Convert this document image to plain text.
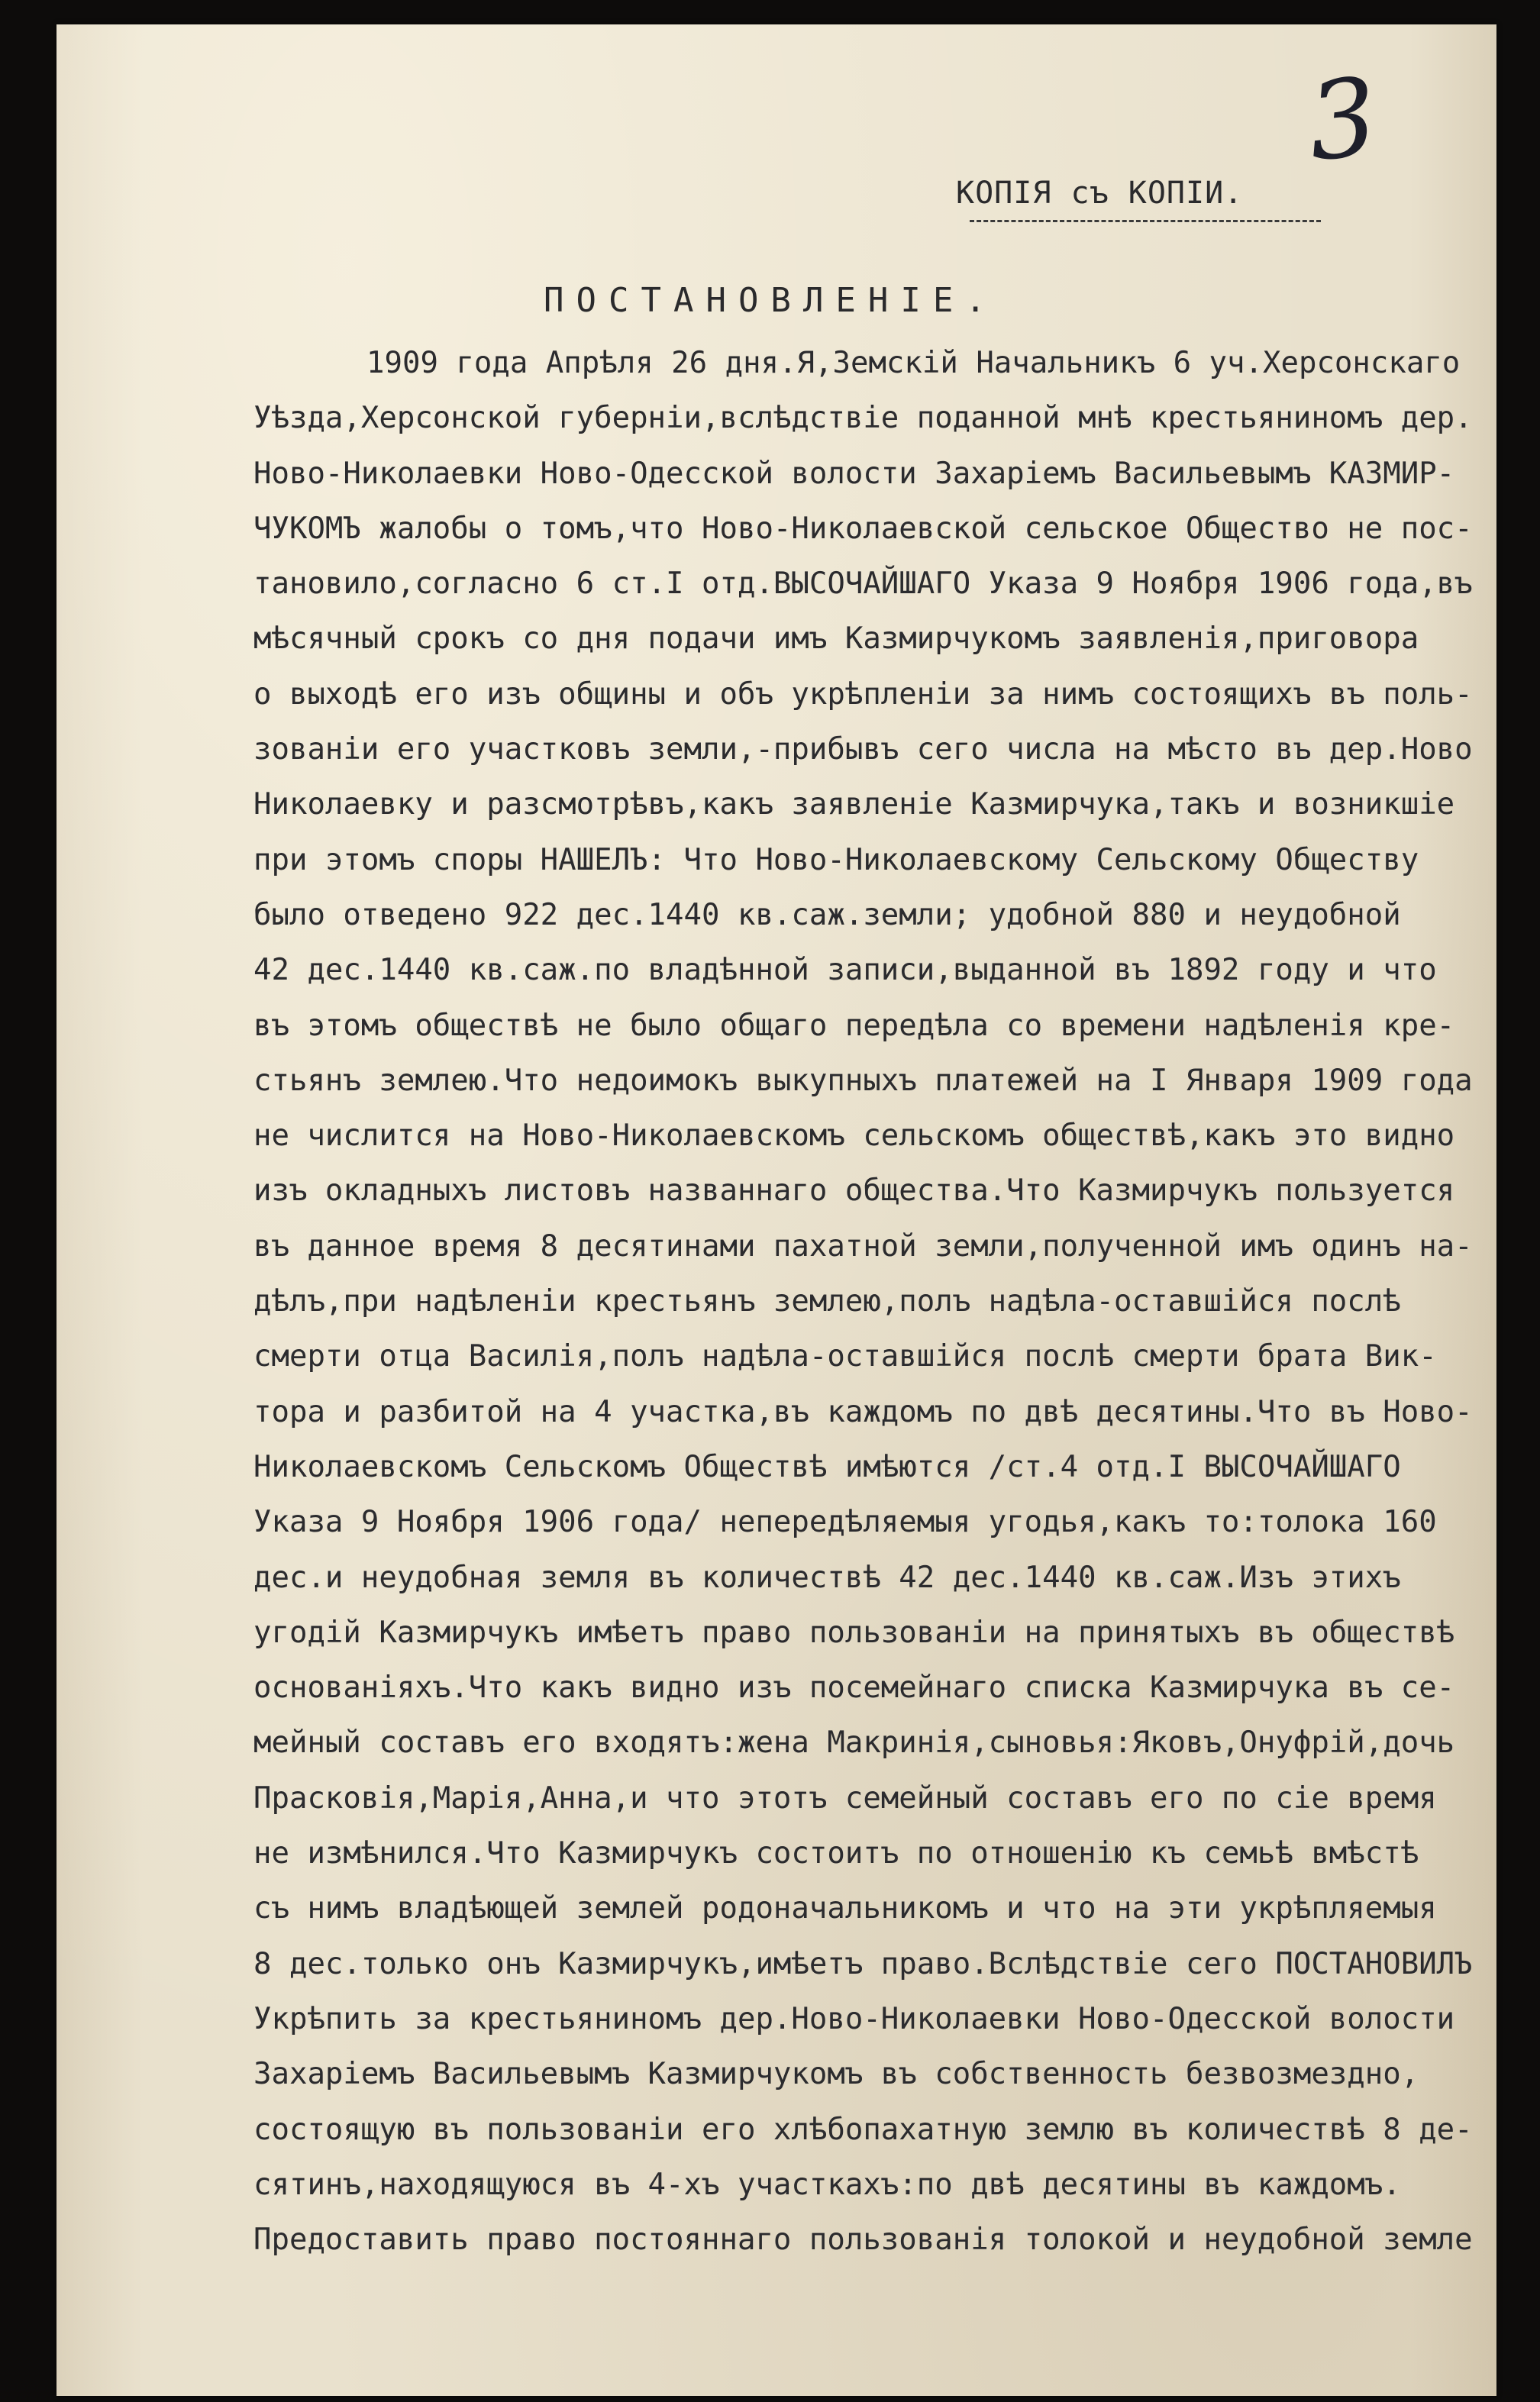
3
КОПIЯ съ КОПIИ.
ПОСТАНОВЛЕНIЕ.
1909 года Апрѣля 26 дня.Я,Земскiй Начальникъ 6 уч.Херсонскаго
Уѣзда,Херсонской губернiи,вслѣдствiе поданной мнѣ крестьяниномъ дер.
Ново-Николаевки Ново-Одесской волости Захарiемъ Васильевымъ КАЗМИР-
ЧУКОМЪ жалобы о томъ,что Ново-Николаевской сельское Общество не пос-
тановило,согласно 6 ст.I отд.ВЫСОЧАЙШАГО Указа 9 Ноября 1906 года,въ
мѣсячный срокъ со дня подачи имъ Казмирчукомъ заявленiя,приговора
о выходѣ его изъ общины и объ укрѣпленiи за нимъ состоящихъ въ поль-
зованiи его участковъ земли,-прибывъ сего числа на мѣсто въ дер.Ново
Николаевку и разсмотрѣвъ,какъ заявленiе Казмирчука,такъ и возникшiе
при этомъ споры НАШЕЛЪ: Что Ново-Николаевскому Сельскому Обществу
было отведено 922 дес.1440 кв.саж.земли; удобной 880 и неудобной
42 дес.1440 кв.саж.по владѣнной записи,выданной въ 1892 году и что
въ этомъ обществѣ не было общаго передѣла со времени надѣленiя кре-
стьянъ землею.Что недоимокъ выкупныхъ платежей на I Января 1909 года
не числится на Ново-Николаевскомъ сельскомъ обществѣ,какъ это видно
изъ окладныхъ листовъ названнаго общества.Что Казмирчукъ пользуется
въ данное время 8 десятинами пахатной земли,полученной имъ одинъ на-
дѣлъ,при надѣленiи крестьянъ землею,полъ надѣла-оставшiйся послѣ
смерти отца Василiя,полъ надѣла-оставшiйся послѣ смерти брата Вик-
тора и разбитой на 4 участка,въ каждомъ по двѣ десятины.Что въ Ново-
Николаевскомъ Сельскомъ Обществѣ имѣются /ст.4 отд.I ВЫСОЧАЙШАГО
Указа 9 Ноября 1906 года/ непередѣляемыя угодья,какъ то:толока 160
дес.и неудобная земля въ количествѣ 42 дес.1440 кв.саж.Изъ этихъ
угодiй Казмирчукъ имѣетъ право пользованiи на принятыхъ въ обществѣ
основанiяхъ.Что какъ видно изъ посемейнаго списка Казмирчука въ се-
мейный составъ его входятъ:жена Макринiя,сыновья:Яковъ,Онуфрiй,дочь
Прасковiя,Марiя,Анна,и что этотъ семейный составъ его по сiе время
не измѣнился.Что Казмирчукъ состоитъ по отношенiю къ семьѣ вмѣстѣ
съ нимъ владѣющей землей родоначальникомъ и что на эти укрѣпляемыя
8 дес.только онъ Казмирчукъ,имѣетъ право.Вслѣдствiе сего ПОСТАНОВИЛЪ
Укрѣпить за крестьяниномъ дер.Ново-Николаевки Ново-Одесской волости
Захарiемъ Васильевымъ Казмирчукомъ въ собственность безвозмездно,
состоящую въ пользованiи его хлѣбопахатную землю въ количествѣ 8 де-
сятинъ,находящуюся въ 4-хъ участкахъ:по двѣ десятины въ каждомъ.
Предоставить право постояннаго пользованiя толокой и неудобной земле
